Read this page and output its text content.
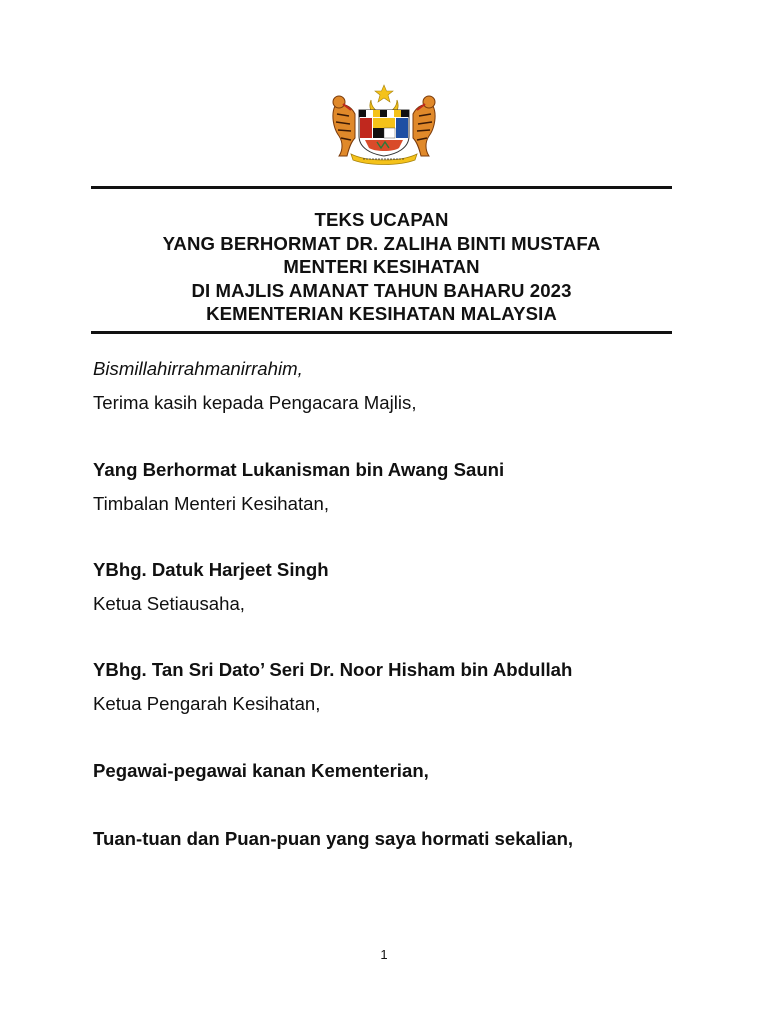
TEKS UCAPAN
YANG BERHORMAT DR. ZALIHA BINTI MUSTAFA
MENTERI KESIHATAN
DI MAJLIS AMANAT TAHUN BAHARU 2023
KEMENTERIAN KESIHATAN MALAYSIA
Bismillahirrahmanirrahim,
Terima kasih kepada Pengacara Majlis,
Yang Berhormat Lukanisman bin Awang Sauni
Timbalan Menteri Kesihatan,
YBhg. Datuk Harjeet Singh
Ketua Setiausaha,
YBhg. Tan Sri Dato’ Seri Dr. Noor Hisham bin Abdullah
Ketua Pengarah Kesihatan,
Pegawai-pegawai kanan Kementerian,
Tuan-tuan dan Puan-puan yang saya hormati sekalian,
1
